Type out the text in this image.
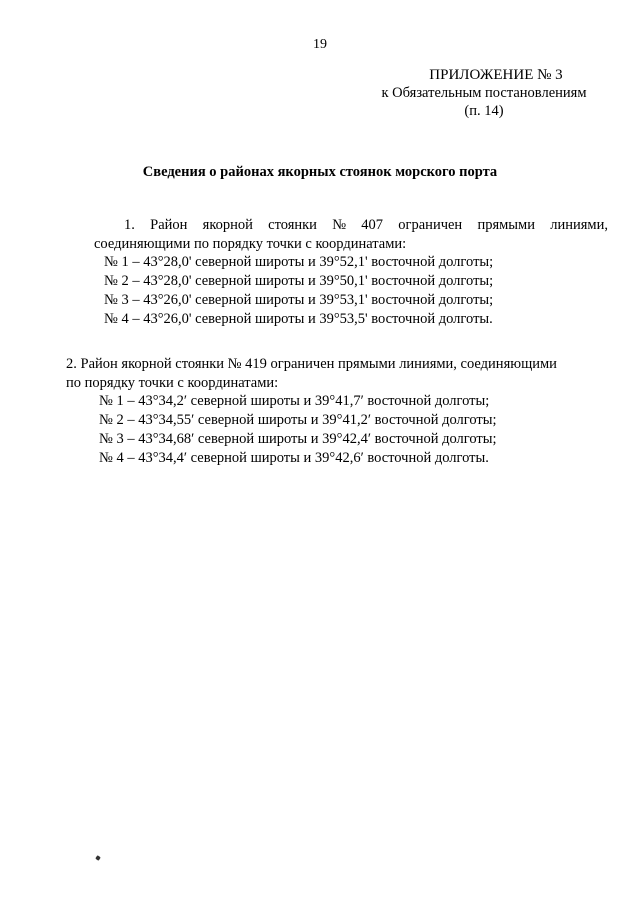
19
ПРИЛОЖЕНИЕ № 3
к Обязательным постановлениям
(п. 14)
Сведения о районах якорных стоянок морского порта
1. Район якорной стоянки № 407 ограничен прямыми линиями,
соединяющими по порядку точки с координатами:
№ 1 – 43°28,0' северной широты и 39°52,1' восточной долготы;
№ 2 – 43°28,0' северной широты и 39°50,1' восточной долготы;
№ 3 – 43°26,0' северной широты и 39°53,1' восточной долготы;
№ 4 – 43°26,0' северной широты и 39°53,5' восточной долготы.
2. Район якорной стоянки № 419 ограничен прямыми линиями, соединяющими
по порядку точки с координатами:
№ 1 – 43°34,2′ северной широты и 39°41,7′ восточной долготы;
№ 2 – 43°34,55′ северной широты и 39°41,2′ восточной долготы;
№ 3 – 43°34,68′ северной широты и 39°42,4′ восточной долготы;
№ 4 – 43°34,4′ северной широты и 39°42,6′ восточной долготы.
